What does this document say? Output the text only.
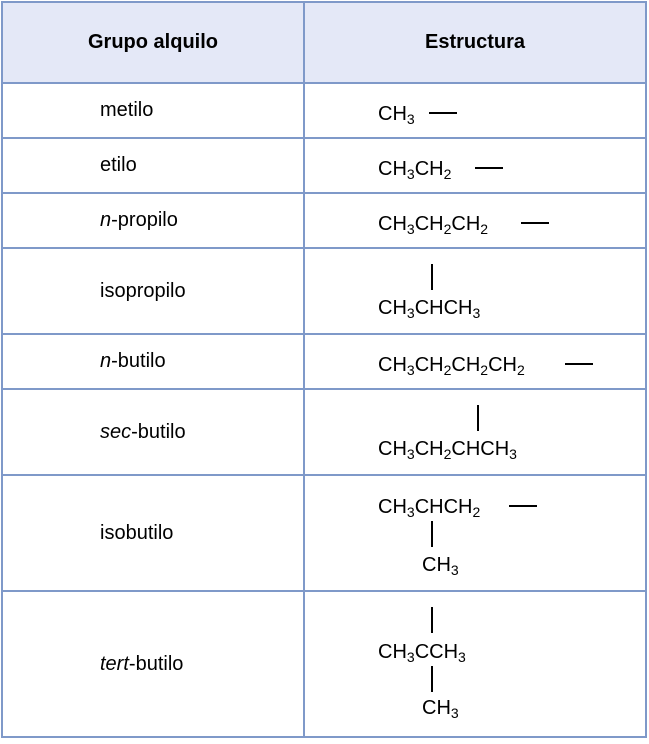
Grupo alquilo	Estructura
metilo	$CH_3$

etilo	$CH_3CH_2$

n-propilo	$CH_3CH_2CH_2$

isopropilo	$CH_3CHCH_3$

n-butilo	$CH_3CH_2CH_2CH_2$

sec-butilo	$CH_3CH_2CHCH_3$

isobutilo	$CH_3CHCH_2$
$CH_3$

tert-butilo	$CH_3CCH_3$
$CH_3$
